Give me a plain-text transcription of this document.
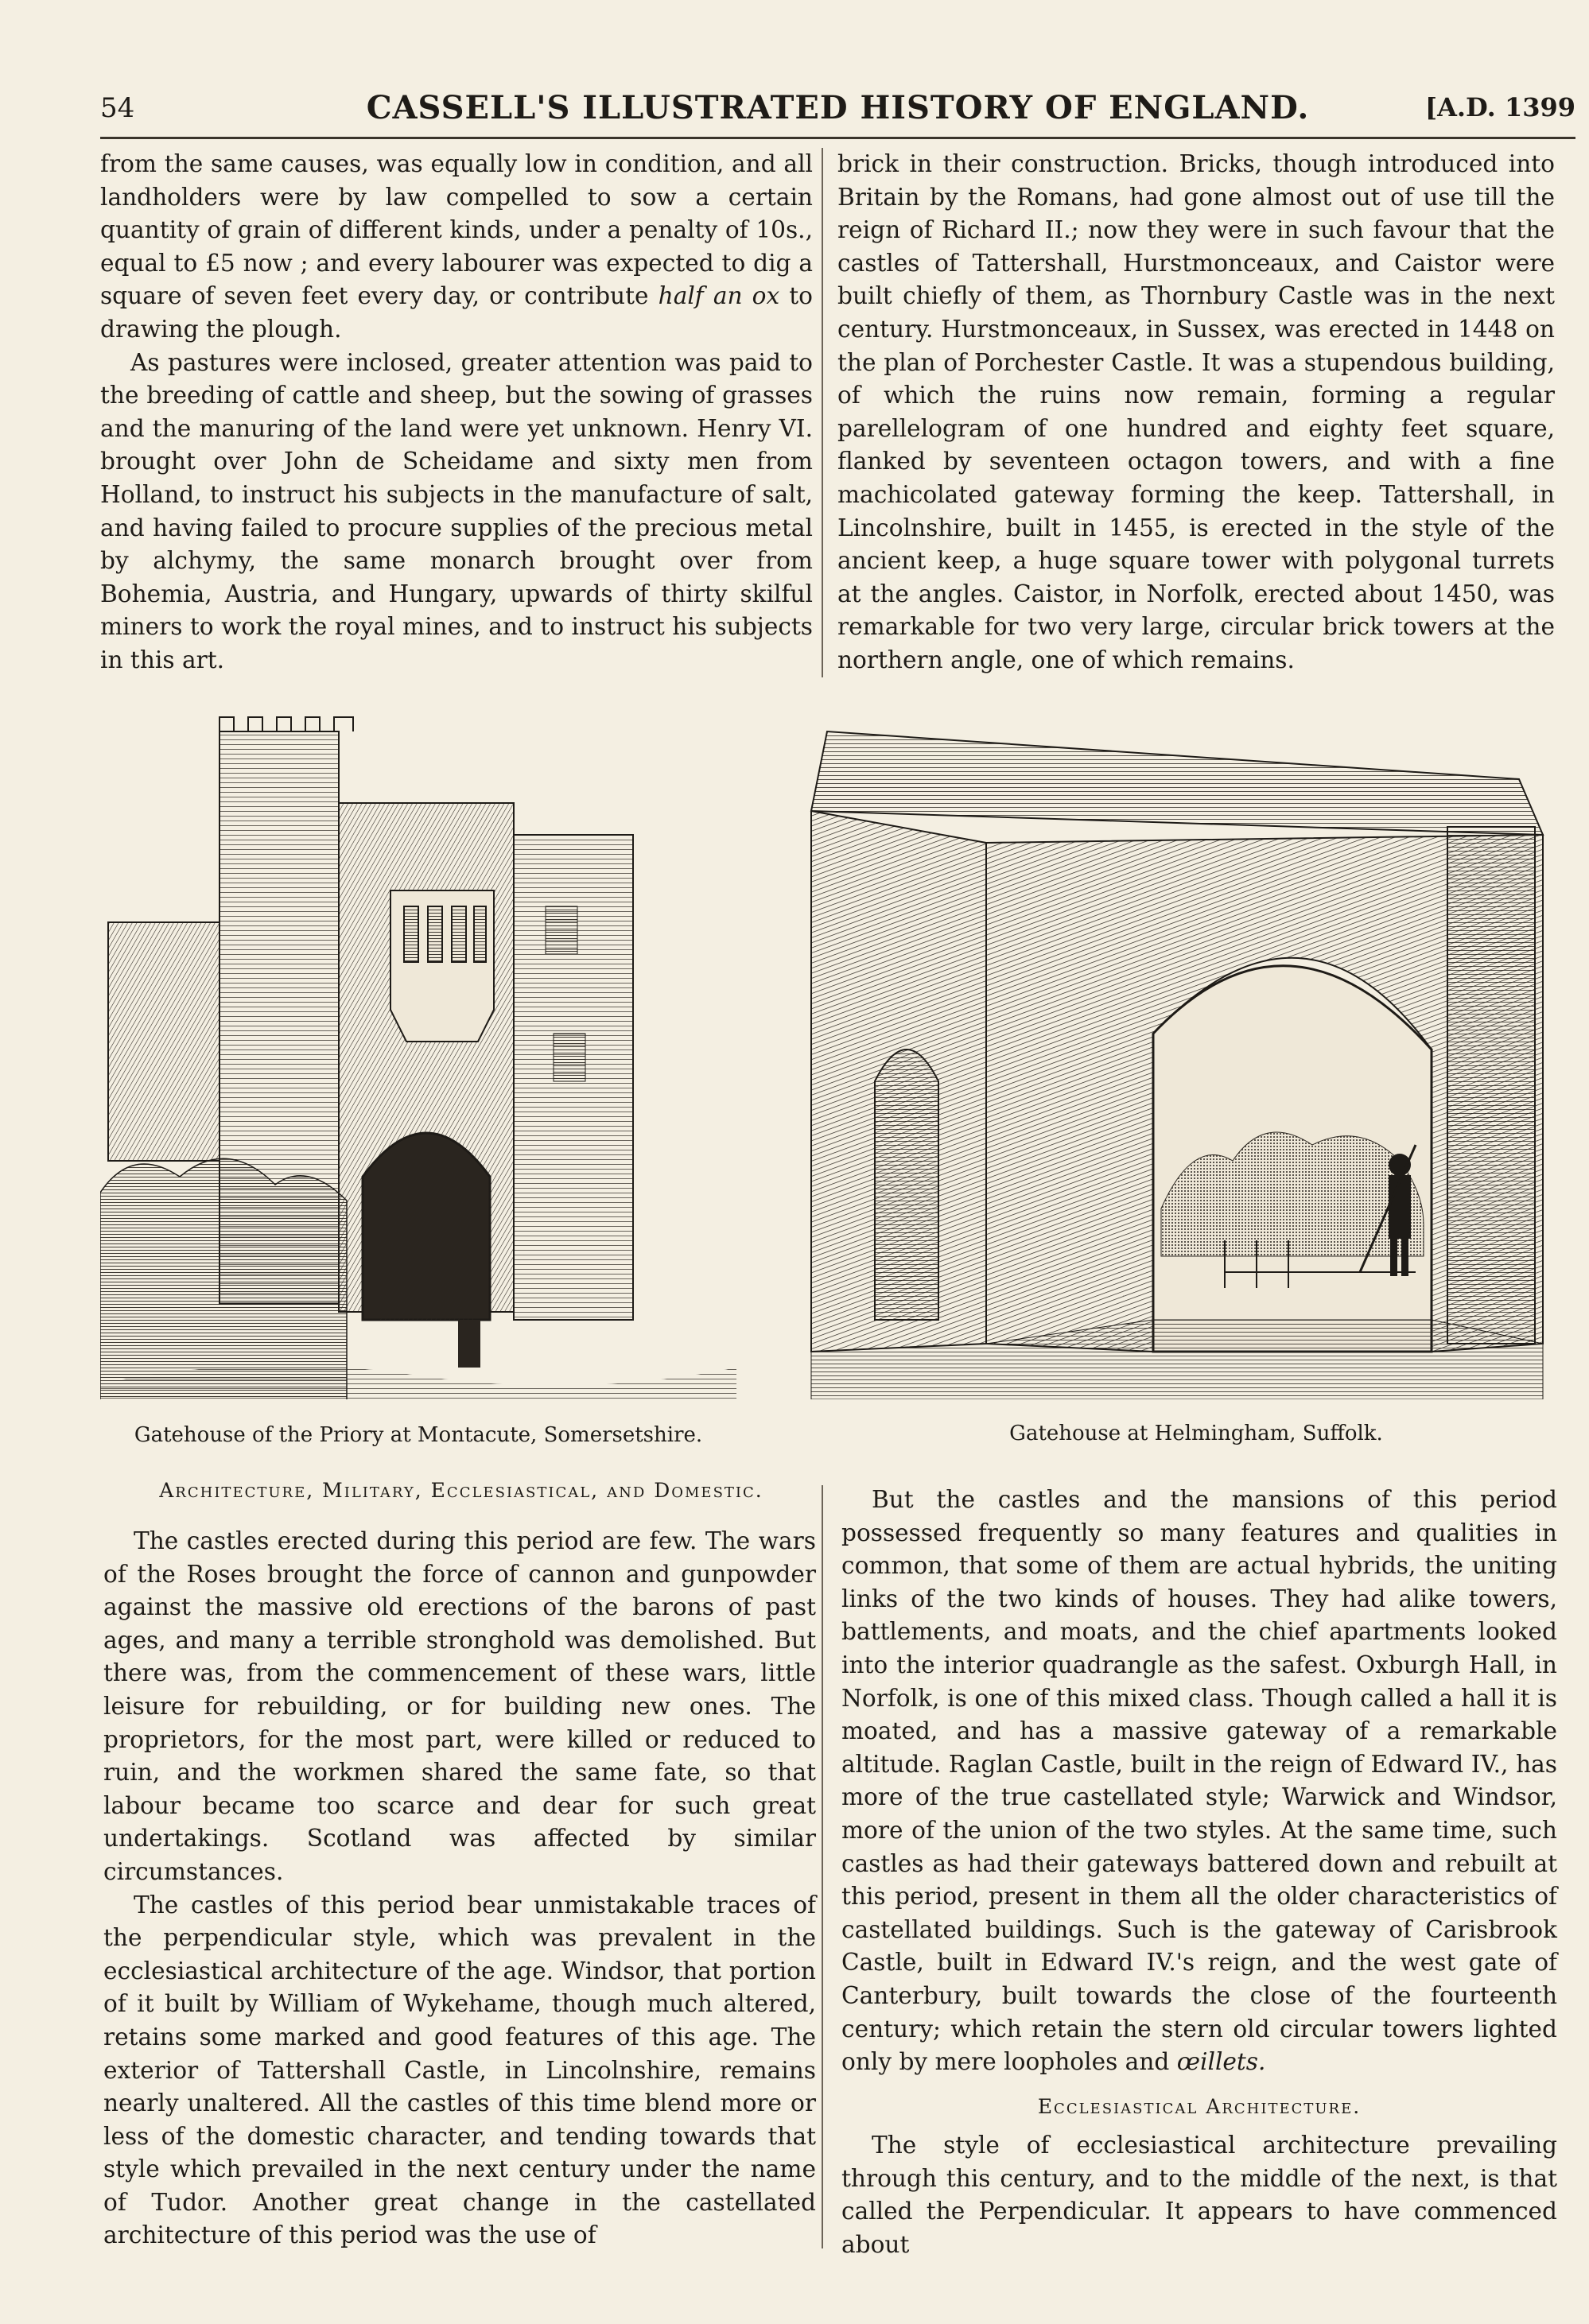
54	CASSELL'S ILLUSTRATED HISTORY OF ENGLAND.	[A.D. 1399

from the same causes, was equally low in condition, and all landholders were by law compelled to sow a certain quantity of grain of different kinds, under a penalty of 10s., equal to £5 now ; and every labourer was expected to dig a square of seven feet every day, or contribute half an ox to drawing the plough.

As pastures were inclosed, greater attention was paid to the breeding of cattle and sheep, but the sowing of grasses and the manuring of the land were yet unknown. Henry VI. brought over John de Scheidame and sixty men from Holland, to instruct his subjects in the manufacture of salt, and having failed to procure supplies of the precious metal by alchymy, the same monarch brought over from Bohemia, Austria, and Hungary, upwards of thirty skilful miners to work the royal mines, and to instruct his subjects in this art.

brick in their construction. Bricks, though introduced into Britain by the Romans, had gone almost out of use till the reign of Richard II.; now they were in such favour that the castles of Tattershall, Hurstmonceaux, and Caistor were built chiefly of them, as Thornbury Castle was in the next century. Hurstmonceaux, in Sussex, was erected in 1448 on the plan of Porchester Castle. It was a stupendous building, of which the ruins now remain, forming a regular parellelogram of one hundred and eighty feet square, flanked by seventeen octagon towers, and with a fine machicolated gateway forming the keep. Tattershall, in Lincolnshire, built in 1455, is erected in the style of the ancient keep, a huge square tower with polygonal turrets at the angles. Caistor, in Norfolk, erected about 1450, was remarkable for two very large, circular brick towers at the northern angle, one of which remains.

Gatehouse of the Priory at Montacute, Somersetshire.	Gatehouse at Helmingham, Suffolk.
Architecture, Military, Ecclesiastical, and Domestic.

The castles erected during this period are few. The wars of the Roses brought the force of cannon and gunpowder against the massive old erections of the barons of past ages, and many a terrible stronghold was demolished. But there was, from the commencement of these wars, little leisure for rebuilding, or for building new ones. The proprietors, for the most part, were killed or reduced to ruin, and the workmen shared the same fate, so that labour became too scarce and dear for such great undertakings. Scotland was affected by similar circumstances.

The castles of this period bear unmistakable traces of the perpendicular style, which was prevalent in the ecclesiastical architecture of the age. Windsor, that portion of it built by William of Wykehame, though much altered, retains some marked and good features of this age. The exterior of Tattershall Castle, in Lincolnshire, remains nearly unaltered. All the castles of this time blend more or less of the domestic character, and tending towards that style which prevailed in the next century under the name of Tudor. Another great change in the castellated architecture of this period was the use of

But the castles and the mansions of this period possessed frequently so many features and qualities in common, that some of them are actual hybrids, the uniting links of the two kinds of houses. They had alike towers, battlements, and moats, and the chief apartments looked into the interior quadrangle as the safest. Oxburgh Hall, in Norfolk, is one of this mixed class. Though called a hall it is moated, and has a massive gateway of a remarkable altitude. Raglan Castle, built in the reign of Edward IV., has more of the true castellated style; Warwick and Windsor, more of the union of the two styles. At the same time, such castles as had their gateways battered down and rebuilt at this period, present in them all the older characteristics of castellated buildings. Such is the gateway of Carisbrook Castle, built in Edward IV.'s reign, and the west gate of Canterbury, built towards the close of the fourteenth century; which retain the stern old circular towers lighted only by mere loopholes and œillets.

Ecclesiastical Architecture.

The style of ecclesiastical architecture prevailing through this century, and to the middle of the next, is that called the Perpendicular. It appears to have commenced about
